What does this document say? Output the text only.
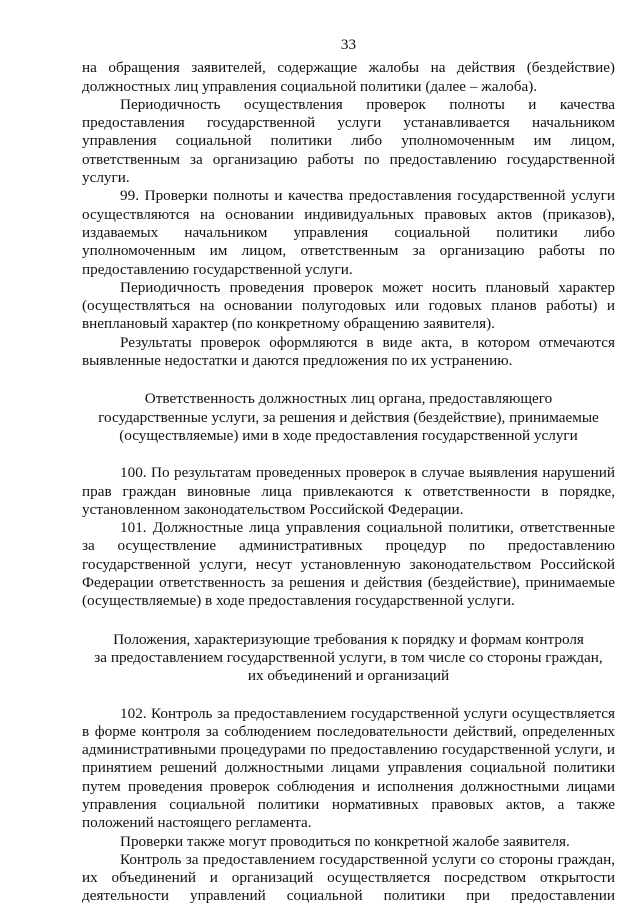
33

на обращения заявителей, содержащие жалобы на действия (бездействие) должностных лиц управления социальной политики (далее – жалоба).

Периодичность осуществления проверок полноты и качества предоставления государственной услуги устанавливается начальником управления социальной политики либо уполномоченным им лицом, ответственным за организацию работы по предоставлению государственной услуги.

99. Проверки полноты и качества предоставления государственной услуги осуществляются на основании индивидуальных правовых актов (приказов), издаваемых начальником управления социальной политики либо уполномоченным им лицом, ответственным за организацию работы по предоставлению государственной услуги.

Периодичность проведения проверок может носить плановый характер (осуществляться на основании полугодовых или годовых планов работы) и внеплановый характер (по конкретному обращению заявителя).

Результаты проверок оформляются в виде акта, в котором отмечаются выявленные недостатки и даются предложения по их устранению.

Ответственность должностных лиц органа, предоставляющего

государственные услуги, за решения и действия (бездействие), принимаемые

(осуществляемые) ими в ходе предоставления государственной услуги

100. По результатам проведенных проверок в случае выявления нарушений прав граждан виновные лица привлекаются к ответственности в порядке, установленном законодательством Российской Федерации.

101. Должностные лица управления социальной политики, ответственные за осуществление административных процедур по предоставлению государственной услуги, несут установленную законодательством Российской Федерации ответственность за решения и действия (бездействие), принимаемые (осуществляемые) в ходе предоставления государственной услуги.

Положения, характеризующие требования к порядку и формам контроля

за предоставлением государственной услуги, в том числе со стороны граждан,

их объединений и организаций

102. Контроль за предоставлением государственной услуги осуществляется в форме контроля за соблюдением последовательности действий, определенных административными процедурами по предоставлению государственной услуги, и принятием решений должностными лицами управления социальной политики путем проведения проверок соблюдения и исполнения должностными лицами управления социальной политики нормативных правовых актов, а также положений настоящего регламента.

Проверки также могут проводиться по конкретной жалобе заявителя.

Контроль за предоставлением государственной услуги со стороны граждан, их объединений и организаций осуществляется посредством открытости деятельности управлений социальной политики при предоставлении
